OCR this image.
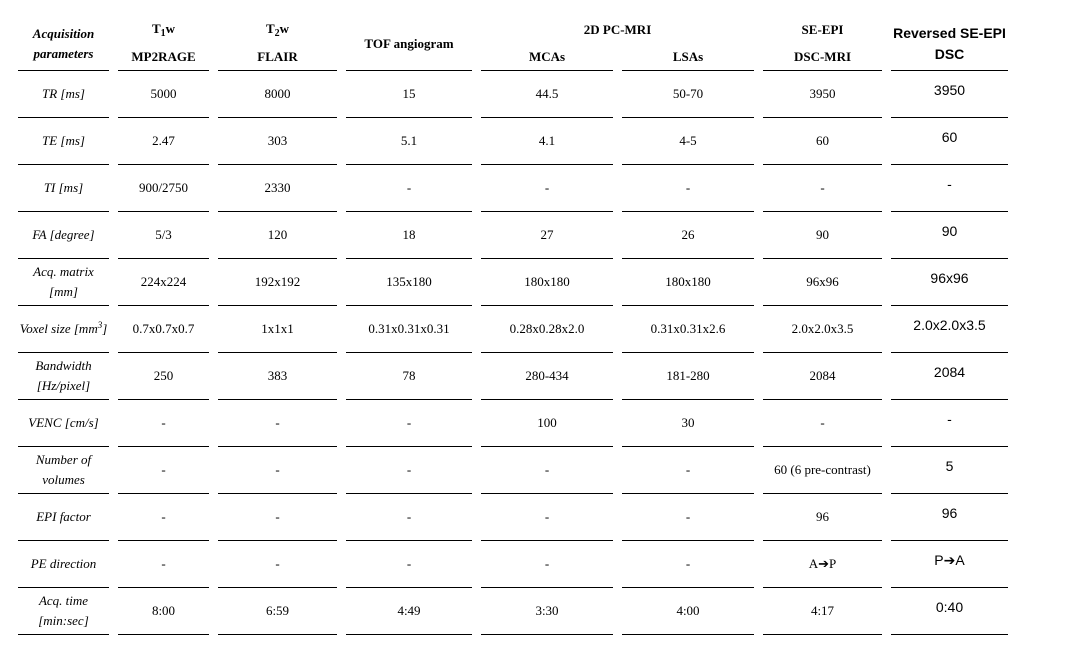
Acquisition parameters	$T_1w$	$T_2w$	TOF angiogram	2D PC-MRI		SE-EPI	Reversed SE-EPI DSC
	MP2RAGE	FLAIR		MCAs	LSAs	DSC-MRI	
TR [ms]	5000	8000	15	44.5	50-70	3950	3950
TE [ms]	2.47	303	5.1	4.1	4-5	60	60
TI [ms]	900/2750	2330	-	-	-	-	-
FA [degree]	5/3	120	18	27	26	90	90
Acq. matrix [mm]	224x224	192x192	135x180	180x180	180x180	96x96	96x96
Voxel size $[mm^3]$	0.7x0.7x0.7	1x1x1	0.31x0.31x0.31	0.28x0.28x2.0	0.31x0.31x2.6	2.0x2.0x3.5	2.0x2.0x3.5
Bandwidth [Hz/pixel]	250	383	78	280-434	181-280	2084	2084
VENC [cm/s]	-	-	-	100	30	-	-
Number of volumes	-	-	-	-	-	60 (6 pre-contrast)	5
EPI factor	-	-	-	-	-	96	96
PE direction	-	-	-	-	-	A➔P	P➔A
Acq. time [min:sec]	8:00	6:59	4:49	3:30	4:00	4:17	0:40
